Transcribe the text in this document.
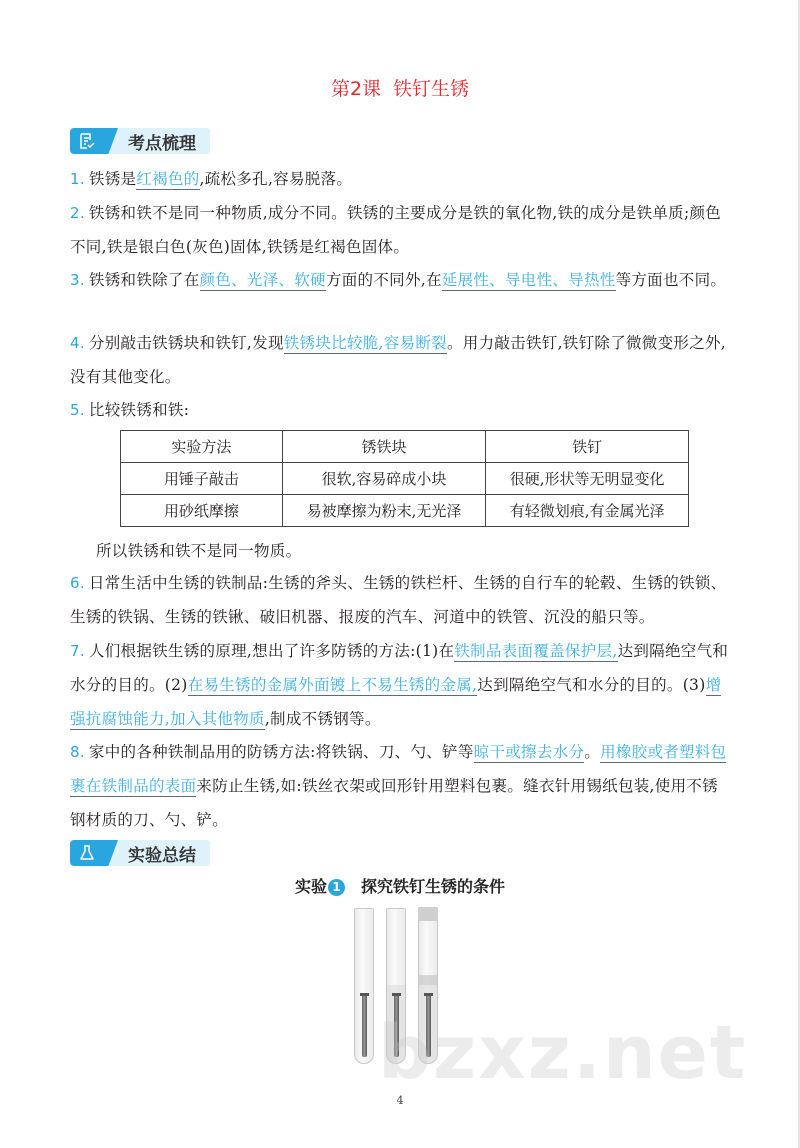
第2课 铁钉生锈
考点梳理
1. 铁锈是红褐色的,疏松多孔,容易脱落。
2. 铁锈和铁不是同一种物质,成分不同。铁锈的主要成分是铁的氧化物,铁的成分是铁单质;颜色不同,铁是银白色(灰色)固体,铁锈是红褐色固体。
3. 铁锈和铁除了在颜色、光泽、软硬方面的不同外,在延展性、导电性、导热性等方面也不同。
4. 分别敲击铁锈块和铁钉,发现铁锈块比较脆,容易断裂。用力敲击铁钉,铁钉除了微微变形之外,没有其他变化。
5. 比较铁锈和铁:
实验方法	锈铁块	铁钉
用锤子敲击	很软,容易碎成小块	很硬,形状等无明显变化
用砂纸摩擦	易被摩擦为粉末,无光泽	有轻微划痕,有金属光泽
所以铁锈和铁不是同一物质。
6. 日常生活中生锈的铁制品:生锈的斧头、生锈的铁栏杆、生锈的自行车的轮毂、生锈的铁锁、生锈的铁锅、生锈的铁锹、破旧机器、报废的汽车、河道中的铁管、沉没的船只等。
7. 人们根据铁生锈的原理,想出了许多防锈的方法:(1)在铁制品表面覆盖保护层,达到隔绝空气和水分的目的。(2)在易生锈的金属外面镀上不易生锈的金属,达到隔绝空气和水分的目的。(3)增强抗腐蚀能力,加入其他物质,制成不锈钢等。
8. 家中的各种铁制品用的防锈方法:将铁锅、刀、勺、铲等晾干或擦去水分。用橡胶或者塑料包裹在铁制品的表面来防止生锈,如:铁丝衣架或回形针用塑料包裹。缝衣针用锡纸包装,使用不锈钢材质的刀、勺、铲。
实验总结
实验 1 探究铁钉生锈的条件
bzxz.net
4
